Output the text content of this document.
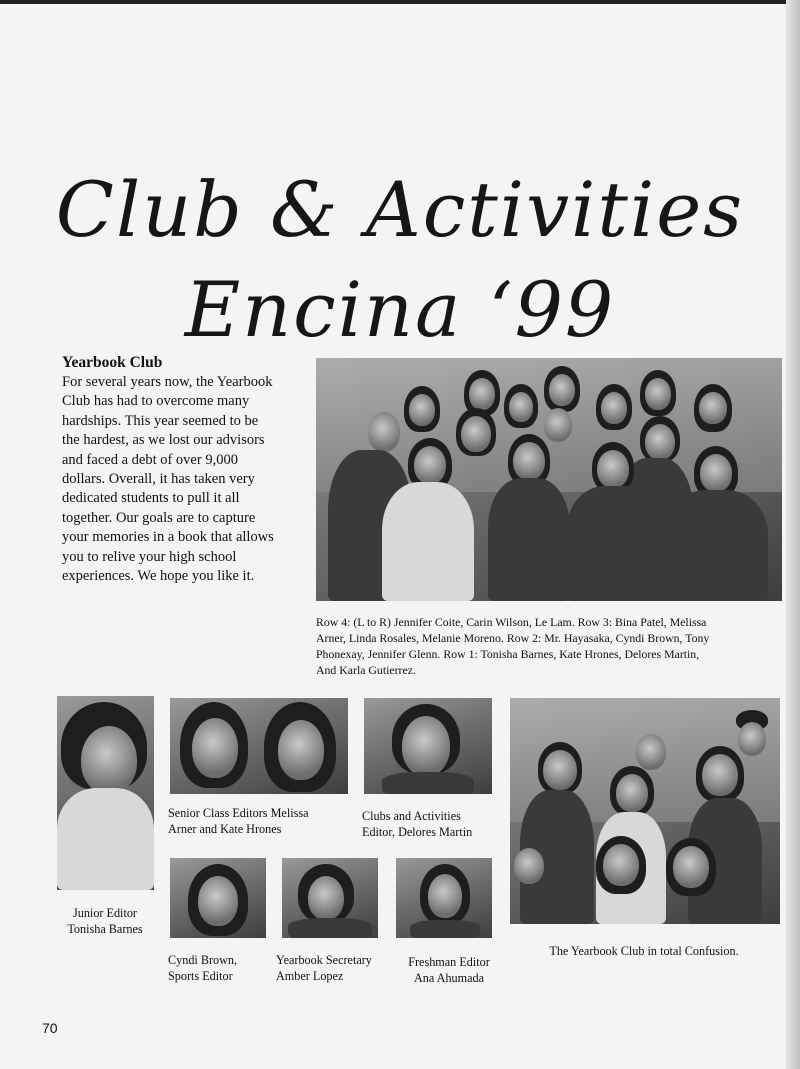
Club & Activities
Encina ‘99
Yearbook Club
For several years now, the Yearbook
Club has had to overcome many
hardships. This year seemed to be
the hardest, as we lost our advisors
and faced a debt of over 9,000
dollars. Overall, it has taken very
dedicated students to pull it all
together. Our goals are to capture
your memories in a book that allows
you to relive your high school
experiences. We hope you like it.
Row 4: (L to R) Jennifer Coite, Carin Wilson, Le Lam. Row 3: Bina Patel, Melissa
Arner, Linda Rosales, Melanie Moreno. Row 2: Mr. Hayasaka, Cyndi Brown, Tony
Phonexay, Jennifer Glenn. Row 1: Tonisha Barnes, Kate Hrones, Delores Martin,
And Karla Gutierrez.
Junior Editor
Tonisha Barnes
Senior Class Editors Melissa
Arner and Kate Hrones
Clubs and Activities
Editor, Delores Martin
The Yearbook Club in total Confusion.
Cyndi Brown,
Sports Editor
Yearbook Secretary
Amber Lopez
Freshman Editor
Ana Ahumada
70
